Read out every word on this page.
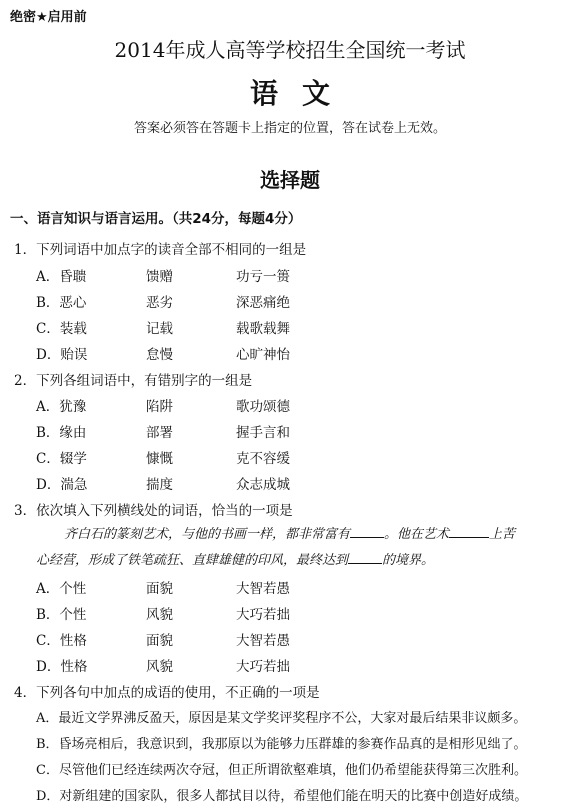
绝密★启用前
2014年成人高等学校招生全国统一考试
语文
答案必须答在答题卡上指定的位置，答在试卷上无效。
选择题
一、语言知识与语言运用。（共24分，每题4分）
1．下列词语中加点字的读音全部不相同的一组是
A．昏聩	馈赠	功亏一篑
B．恶心	恶劣	深恶痛绝
C．装载	记载	载歌载舞
D．贻误	怠慢	心旷神怡
2．下列各组词语中，有错别字的一组是
A．犹豫	陷阱	歌功颂德
B．缘由	部署	握手言和
C．辍学	慷慨	克不容缓
D．湍急	揣度	众志成城
3．依次填入下列横线处的词语，恰当的一项是
齐白石的篆刻艺术，与他的书画一样，都非常富有	。他在艺术	上苦
心经营，形成了铁笔疏狂、直肆雄健的印风，最终达到	的境界。
A．个性	面貌	大智若愚
B．个性	风貌	大巧若拙
C．性格	面貌	大智若愚
D．性格	风貌	大巧若拙
4．下列各句中加点的成语的使用，不正确的一项是
A．最近文学界沸反盈天，原因是某文学奖评奖程序不公，大家对最后结果非议颇多。
B．昏场亮相后，我意识到，我那原以为能够力压群雄的参赛作品真的是相形见绌了。
C．尽管他们已经连续两次夺冠，但正所谓欲壑难填，他们仍希望能获得第三次胜利。
D．对新组建的国家队，很多人都拭目以待，希望他们能在明天的比赛中创造好成绩。
